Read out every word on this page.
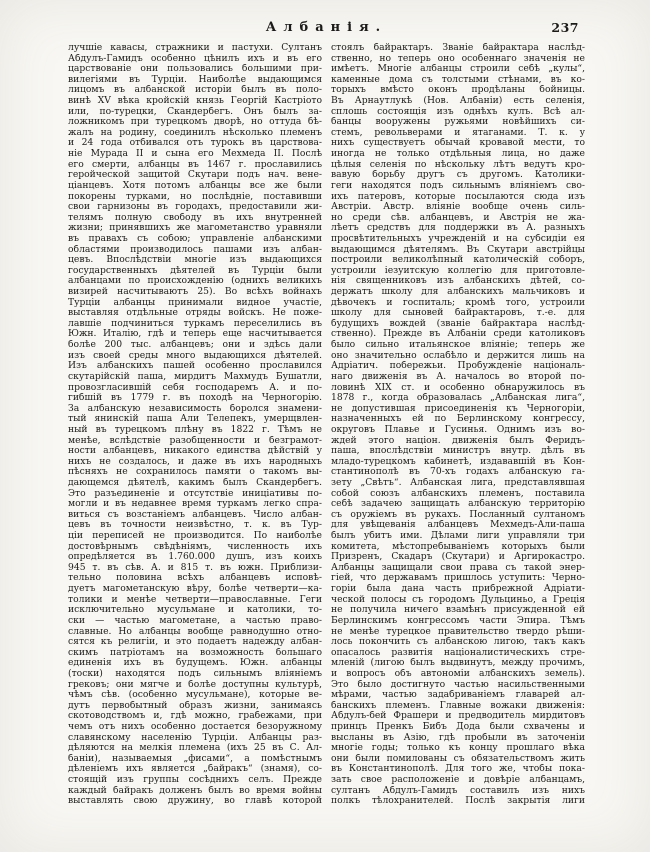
Албанія.	237
лучшіе кавасы, стражники и пастухи. Султанъ
Абдулъ-Гамидъ особенно цѣнилъ ихъ и въ его
царствованіе они пользовались большими при-
вилегіями въ Турціи. Наиболѣе выдающимся
лицомъ въ албанской исторіи былъ въ поло-
винѣ XV вѣка кройскій князь Георгій Кастріото
или, по-турецки, Скандербегъ. Онъ былъ за-
ложникомъ при турецкомъ дворѣ, но оттуда бѣ-
жалъ на родину, соединилъ нѣсколько племенъ
и 24 года отбивался отъ турокъ въ царствова-
ніе Мурада II и сына его Мехмеда II. Послѣ
его смерти, албанцы въ 1467 г. прославились
геройческой защитой Скутари подъ нач. вене-
ціанцевъ. Хотя потомъ албанцы все же были
покорены турками, но послѣдніе, поставивши
свои гарнизоны въ городахъ, предоставили жи-
телямъ полную свободу въ ихъ внутренней
жизни; принявшихъ же магометанство уравняли
въ правахъ съ собою; управленіе албанскими
областями производилось пашами изъ албан-
цевъ. Впослѣдствіи многіе изъ выдающихся
государственныхъ дѣятелей въ Турціи были
албанцами по происхожденію (однихъ великихъ
визирей насчитываютъ 25). Во всѣхъ войнахъ
Турціи албанцы принимали видное участіе,
выставляя отдѣльные отряды войскъ. Не поже-
лавшіе подчиниться туркамъ переселились въ
Южн. Италію, гдѣ и теперь еще насчитывается
болѣе 200 тыс. албанцевъ; они и здѣсь дали
изъ своей среды много выдающихся дѣятелей.
Изъ албанскихъ пашей особенно прославился
скутарійскій паша, мирдитъ Махмудъ Бушатли,
провозгласившій себя господаремъ А. и по-
гибшій въ 1779 г. въ походѣ на Черногорію.
За албанскую независимость боролся знамени-
тый янинскій паша Али Телепекъ, умерщвлен-
ный въ турецкомъ плѣну въ 1822 г. Тѣмъ не
менѣе, вслѣдствіе разобщенности и безграмот-
ности албанцевъ, никакого единства дѣйствій у
нихъ не создалось, и даже въ ихъ народныхъ
пѣсняхъ не сохранилось памяти о такомъ вы-
дающемся дѣятелѣ, какимъ былъ Скандербегъ.
Это разъединеніе и отсутствіе иниціативы по-
могли и въ недавнее время туркамъ легко спра-
виться съ возстаніемъ албанцевъ. Число албан-
цевъ въ точности неизвѣстно, т. к. въ Тур-
ціи переписей не производится. По наиболѣе
достовѣрнымъ свѣдѣніямъ, численность ихъ
опредѣляется въ 1.760.000 душъ, изъ коихъ
945 т. въ сѣв. А. и 815 т. въ южн. Приблизи-
тельно половина всѣхъ албанцевъ исповѣ-
дуетъ магометанскую вѣру, болѣе четверти—ка-
толики и менѣе четверти—православные. Геги
исключительно мусульмане и католики, то-
ски — частью магометане, а частью право-
славные. Но албанцы вообще равнодушно отно-
сятся къ религіи, и это подаетъ надежду албан-
скимъ патріотамъ на возможность большаго
единенія ихъ въ будущемъ. Южн. албанцы
(тоски) находятся подъ сильнымъ вліяніемъ
грековъ; они мягче и болѣе доступны культурѣ,
чѣмъ сѣв. (особенно мусульмане), которые ве-
дутъ первобытный образъ жизни, занимаясь
скотоводствомъ и, гдѣ можно, грабежами, при
чемъ отъ нихъ особенно достается безоружному
славянскому населенію Турціи. Албанцы раз-
дѣляются на мелкія племена (ихъ 25 въ С. Ал-
баніи), называемыя „фисами“, а помѣстнымъ
дѣленіемъ ихъ является „байракъ“ (знамя), со-
стоящій изъ группы сосѣднихъ селъ. Прежде
каждый байракъ долженъ былъ во время войны
выставлять свою дружину, во главѣ которой
стоялъ байрактаръ. Званіе байрактара наслѣд-
ственно, но теперь оно особеннаго значенія не
имѣетъ. Многіе албанцы строили себѣ „кулы“,
каменные дома съ толстыми стѣнами, въ ко-
торыхъ вмѣсто оконъ продѣланы бойницы.
Въ Арнаутлукѣ (Нов. Албаніи) есть селенія,
сплошь состоящія изъ однѣхъ кулъ. Всѣ ал-
банцы вооружены ружьями новѣйшихъ си-
стемъ, револьверами и ятаганами. Т. к. у
нихъ существуетъ обычай кровавой мести, то
иногда не только отдѣльныя лица, но даже
цѣлыя селенія по нѣскольку лѣтъ ведутъ кро-
вавую борьбу другъ съ другомъ. Католики-
геги находятся подъ сильнымъ вліяніемъ сво-
ихъ патеровъ, которые посылаются сюда изъ
Австріи. Австр. вліяніе вообще очень силь-
но среди сѣв. албанцевъ, и Австрія не жа-
лѣетъ средствъ для поддержки въ А. разныхъ
просвѣтительныхъ учрежденій и на субсидіи ея
выдающимся дѣятелямъ. Въ Скутари австрійцы
построили великолѣпный католическій соборъ,
устроили іезуитскую коллегію для приготовле-
нія священниковъ изъ албанскихъ дѣтей, со-
держатъ школу для албанскихъ мальчиковъ и
дѣвочекъ и госпиталь; кромѣ того, устроили
школу для сыновей байрактаровъ, т.-е. для
будущихъ вождей (званіе байрактара наслѣд-
ственно). Прежде въ Албаніи среди католиковъ
было сильно итальянское вліяніе; теперь же
оно значительно ослабѣло и держится лишь на
Адріатич. побережьи. Пробужденіе національ-
наго движенія въ А. началось во второй по-
ловинѣ XIX ст. и особенно обнаружилось въ
1878 г., когда образовалась „Албанская лига“,
не допустившая присоединенія къ Черногоріи,
назначенныхъ ей по Берлинскому конгрессу,
округовъ Плавье и Гусинья. Однимъ изъ во-
ждей этого націон. движенія былъ Феридъ-
паша, впослѣдствіи министръ внутр. дѣлъ въ
младо-турецкомъ кабинетѣ, издававшій въ Кон-
стантинополѣ въ 70-хъ годахъ албанскую га-
зету „Свѣтъ“. Албанская лига, представлявшая
собой союзъ албанскихъ племенъ, поставила
себѣ задачею защищать албанскую территорію
съ оружіемъ въ рукахъ. Посланный султаномъ
для увѣщеванія албанцевъ Мехмедъ-Али-паша
былъ убитъ ими. Дѣлами лиги управляли три
комитета, мѣстопребываніемъ которыхъ были
Призренъ, Скадаръ (Скутари) и Аргирокастро.
Албанцы защищали свои права съ такой энер-
гіей, что державамъ пришлось уступить: Черно-
горіи была дана часть прибрежной Адріати-
ческой полосы съ городомъ Дульциньо, а Греція
не получила ничего взамѣнъ присужденной ей
Берлинскимъ конгрессомъ части Эпира. Тѣмъ
не менѣе турецкое правительство твердо рѣши-
лось покончить съ албанскою лигою, такъ какъ
опасалось развитія націоналистическихъ стре-
мленій (лигою былъ выдвинутъ, между прочимъ,
и вопросъ объ автономіи албанскихъ земель).
Это было достигнуто частью насильственными
мѣрами, частью задабриваніемъ главарей ал-
банскихъ племенъ. Главные вожаки движенія:
Абдулъ-бей Фрашери и предводитель мирдитовъ
принцъ Пренкъ Бибъ Дода были схвачены и
высланы въ Азію, гдѣ пробыли въ заточеніи
многіе годы; только къ концу прошлаго вѣка
они были помилованы съ обязательствомъ жить
въ Константинополѣ. Для того же, чтобы пока-
зать свое расположеніе и довѣріе албанцамъ,
султанъ Абдулъ-Гамидъ составилъ изъ нихъ
полкъ тѣлохранителей. Послѣ закрытія лиги
